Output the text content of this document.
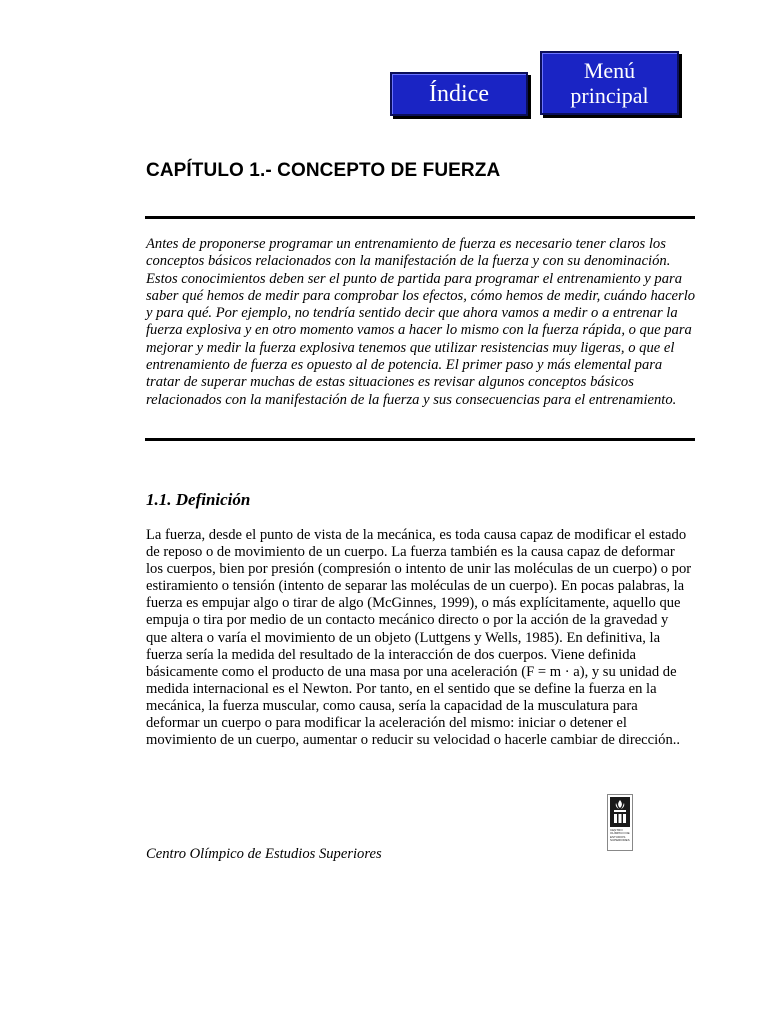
Índice
Menú
principal
CAPÍTULO 1.- CONCEPTO DE FUERZA

Antes de proponerse programar un entrenamiento de fuerza es necesario tener claros los conceptos básicos relacionados con la manifestación de la fuerza y con su denominación. Estos conocimientos deben ser el punto de partida para programar el entrenamiento y para saber qué hemos de medir para comprobar los efectos, cómo hemos de medir, cuándo hacerlo y para qué. Por ejemplo, no tendría sentido decir que ahora vamos a medir o a entrenar la fuerza explosiva y en otro momento vamos a hacer lo mismo con la fuerza rápida, o que para mejorar y medir la fuerza explosiva tenemos que utilizar resistencias muy ligeras, o que el entrenamiento de fuerza es opuesto al de potencia. El primer paso y más elemental para tratar de superar muchas de estas situaciones es revisar algunos conceptos básicos relacionados con la manifestación de la fuerza y sus consecuencias para el entrenamiento.

1.1. Definición

La fuerza, desde el punto de vista de la mecánica, es toda causa capaz de modificar el estado de reposo o de movimiento de un cuerpo. La fuerza también es la causa capaz de deformar los cuerpos, bien por presión (compresión o intento de unir las moléculas de un cuerpo) o por estiramiento o tensión (intento de separar las moléculas de un cuerpo). En pocas palabras, la fuerza es empujar algo o tirar de algo (McGinnes, 1999), o más explícitamente, aquello que empuja o tira por medio de un contacto mecánico directo o por la acción de la gravedad y que altera o varía el movimiento de un objeto (Luttgens y Wells, 1985). En definitiva, la fuerza sería la medida del resultado de la interacción de dos cuerpos. Viene definida básicamente como el producto de una masa por una aceleración (F = m · a), y su unidad de medida internacional es el Newton. Por tanto, en el sentido que se define la fuerza en la mecánica, la fuerza muscular, como causa, sería la capacidad de la musculatura para deformar un cuerpo o para modificar la aceleración del mismo: iniciar o detener el movimiento de un cuerpo, aumentar o reducir su velocidad o hacerle cambiar de dirección..

CENTRO OLÍMPICO DE ESTUDIOS SUPERIORES

Centro Olímpico de Estudios Superiores
